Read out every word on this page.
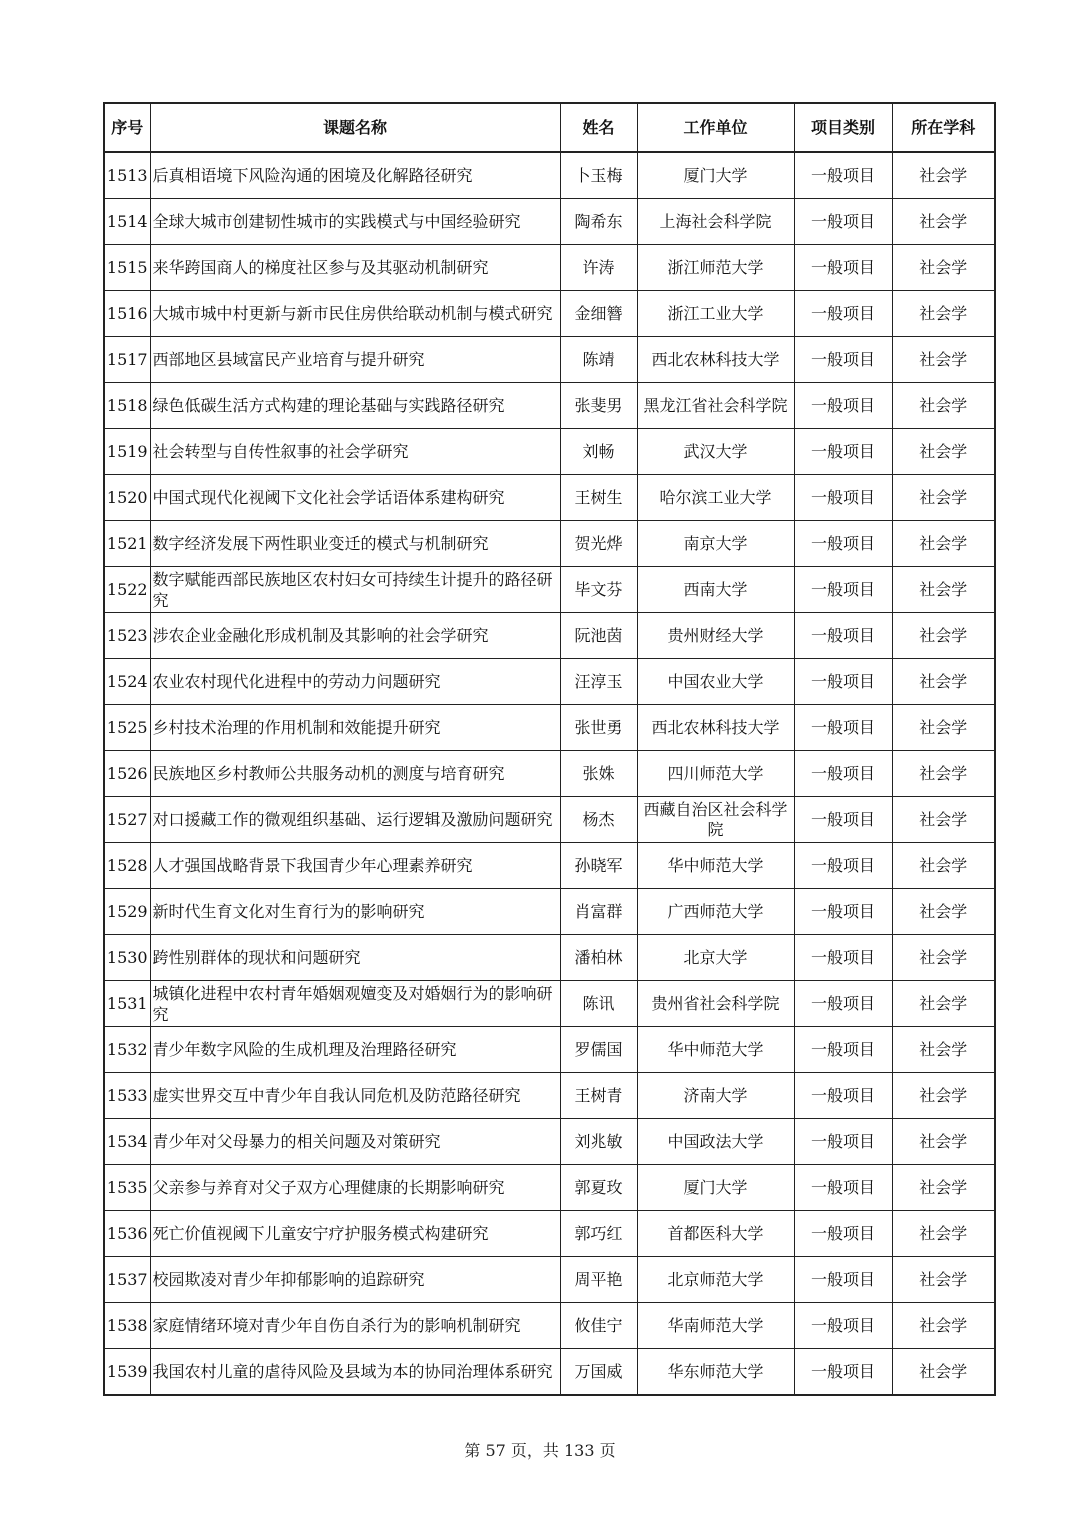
序号	课题名称	姓名	工作单位	项目类别	所在学科
1513	后真相语境下风险沟通的困境及化解路径研究	卜玉梅	厦门大学	一般项目	社会学
1514	全球大城市创建韧性城市的实践模式与中国经验研究	陶希东	上海社会科学院	一般项目	社会学
1515	来华跨国商人的梯度社区参与及其驱动机制研究	许涛	浙江师范大学	一般项目	社会学
1516	大城市城中村更新与新市民住房供给联动机制与模式研究	金细簪	浙江工业大学	一般项目	社会学
1517	西部地区县域富民产业培育与提升研究	陈靖	西北农林科技大学	一般项目	社会学
1518	绿色低碳生活方式构建的理论基础与实践路径研究	张斐男	黑龙江省社会科学院	一般项目	社会学
1519	社会转型与自传性叙事的社会学研究	刘畅	武汉大学	一般项目	社会学
1520	中国式现代化视阈下文化社会学话语体系建构研究	王树生	哈尔滨工业大学	一般项目	社会学
1521	数字经济发展下两性职业变迁的模式与机制研究	贺光烨	南京大学	一般项目	社会学
1522	数字赋能西部民族地区农村妇女可持续生计提升的路径研究	毕文芬	西南大学	一般项目	社会学
1523	涉农企业金融化形成机制及其影响的社会学研究	阮池茵	贵州财经大学	一般项目	社会学
1524	农业农村现代化进程中的劳动力问题研究	汪淳玉	中国农业大学	一般项目	社会学
1525	乡村技术治理的作用机制和效能提升研究	张世勇	西北农林科技大学	一般项目	社会学
1526	民族地区乡村教师公共服务动机的测度与培育研究	张姝	四川师范大学	一般项目	社会学
1527	对口援藏工作的微观组织基础、运行逻辑及激励问题研究	杨杰	西藏自治区社会科学院	一般项目	社会学
1528	人才强国战略背景下我国青少年心理素养研究	孙晓军	华中师范大学	一般项目	社会学
1529	新时代生育文化对生育行为的影响研究	肖富群	广西师范大学	一般项目	社会学
1530	跨性别群体的现状和问题研究	潘柏林	北京大学	一般项目	社会学
1531	城镇化进程中农村青年婚姻观嬗变及对婚姻行为的影响研究	陈讯	贵州省社会科学院	一般项目	社会学
1532	青少年数字风险的生成机理及治理路径研究	罗儒国	华中师范大学	一般项目	社会学
1533	虚实世界交互中青少年自我认同危机及防范路径研究	王树青	济南大学	一般项目	社会学
1534	青少年对父母暴力的相关问题及对策研究	刘兆敏	中国政法大学	一般项目	社会学
1535	父亲参与养育对父子双方心理健康的长期影响研究	郭夏玫	厦门大学	一般项目	社会学
1536	死亡价值视阈下儿童安宁疗护服务模式构建研究	郭巧红	首都医科大学	一般项目	社会学
1537	校园欺凌对青少年抑郁影响的追踪研究	周平艳	北京师范大学	一般项目	社会学
1538	家庭情绪环境对青少年自伤自杀行为的影响机制研究	攸佳宁	华南师范大学	一般项目	社会学
1539	我国农村儿童的虐待风险及县域为本的协同治理体系研究	万国威	华东师范大学	一般项目	社会学
第 57 页，共 133 页
